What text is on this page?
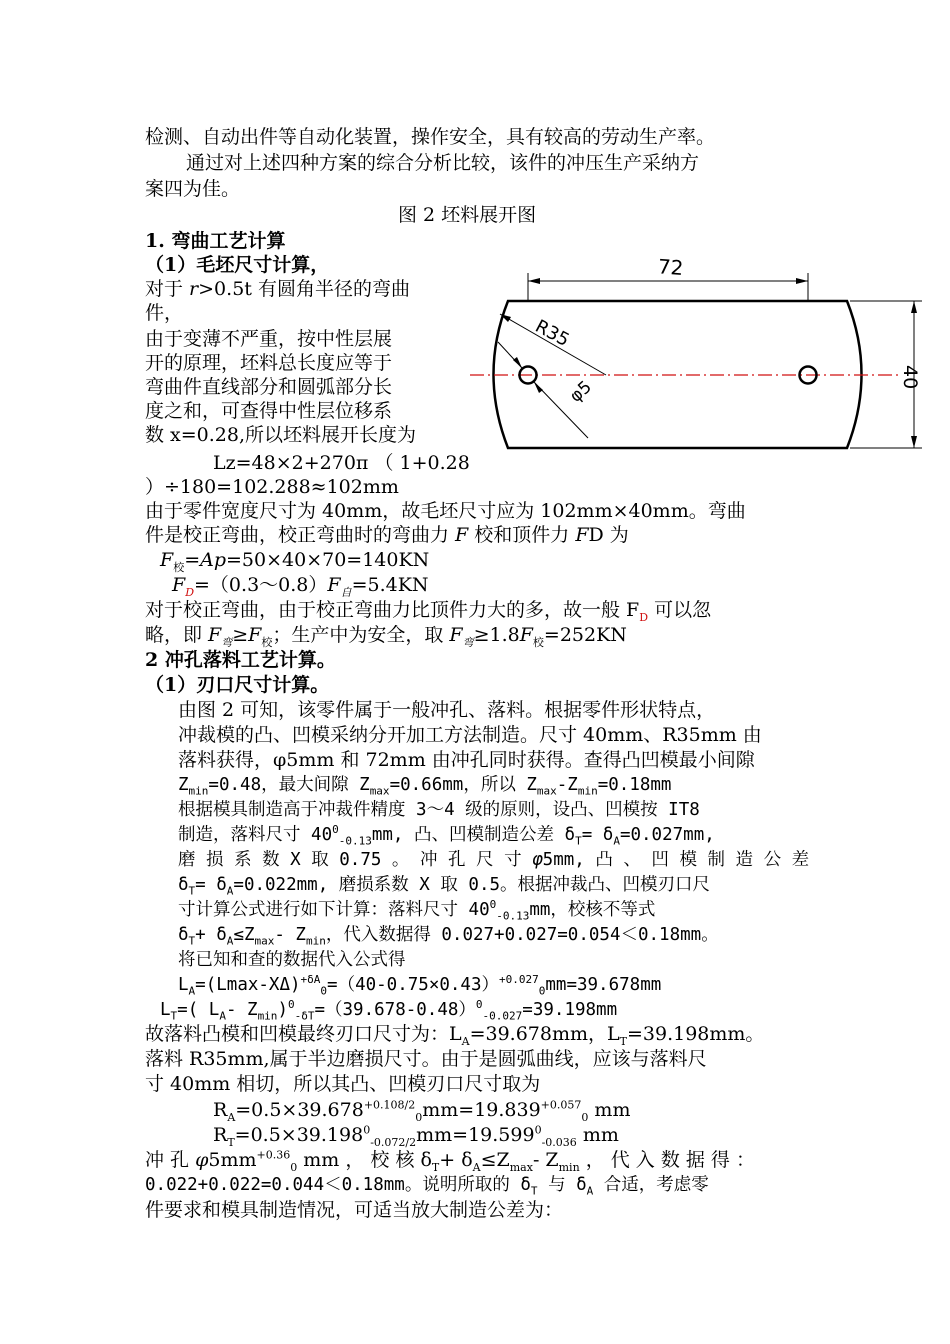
检测、自动出件等自动化装置，操作安全，具有较高的劳动生产率。
通过对上述四种方案的综合分析比较，该件的冲压生产采纳方
案四为佳。
图 2 坯料展开图
1. 弯曲工艺计算
（1）毛坯尺寸计算，
对于 r>0.5t 有圆角半径的弯曲
件，
由于变薄不严重，按中性层展
开的原理，坯料总长度应等于
弯曲件直线部分和圆弧部分长
度之和，可查得中性层位移系
数 x=0.28,所以坯料展开长度为
Lz=48×2+270π （ 1+0.28
）÷180=102.288≈102mm
由于零件宽度尺寸为 40mm，故毛坯尺寸应为 102mm×40mm。弯曲
件是校正弯曲，校正弯曲时的弯曲力 F 校和顶件力 FD 为
$F_校=Ap=50\times 40\times 70=140KN$
$F_D=(0.3\sim 0.8)F_自=5.4KN$
对于校正弯曲，由于校正弯曲力比顶件力大的多，故一般 $F_D$ 可以忽
略，即 $F_弯\ge F_校$；生产中为安全，取 $F_弯\ge 1.8F_校=252KN$
2 冲孔落料工艺计算。
（1）刃口尺寸计算。
由图 2 可知，该零件属于一般冲孔、落料。根据零件形状特点，
冲裁模的凸、凹模采纳分开加工方法制造。尺寸 40mm、R35mm 由
落料获得，φ5mm 和 72mm 由冲孔同时获得。查得凸凹模最小间隙
$Z_{min}=0.48$，最大间隙 $Z_{max}=0.66mm$，所以 $Z_{max}-Z_{min}=0.18mm$
根据模具制造高于冲裁件精度 3～4 级的原则，设凸、凹模按 IT8
制造，落料尺寸 $40^0_{-0.13}mm$, 凸、凹模制造公差 $\delta_T= \delta_A=0.027mm$,
磨 损 系 数 X 取 0.75 。 冲 孔 尺 寸 φ5mm, 凸 、 凹 模 制 造 公 差
$\delta_T= \delta_A=0.022mm$, 磨损系数 X 取 0.5。根据冲裁凸、凹模刃口尺
寸计算公式进行如下计算：落料尺寸 $40^0_{-0.13}mm$，校核不等式
$\delta_T+ \delta_A\le Z_{max}-$ $Z_{min}$，代入数据得 0.027+0.027=0.054＜0.18mm。
将已知和查的数据代入公式得
$L_A=(Lmax-X\Delta)^{+\delta A}_0=(40-0.75\times 0.43)^{+0.027}_0mm=39.678mm$
$L_T=$( $L_A-$ $Z_{min})^0_{-\delta T}=(39.678-0.48)^0_{-0.027}=39.198mm$
故落料凸模和凹模最终刃口尺寸为：$L_A=39.678mm$，$L_T=39.198mm$。
落料 R35mm,属于半边磨损尺寸。由于是圆弧曲线，应该与落料尺
寸 40mm 相切，所以其凸、凹模刃口尺寸取为
$R_A=0.5\times 39.678^{+0.108/2}_0mm=19.839^{+0.057}_0$ mm
$R_T=0.5\times 39.198^0_{-0.072/2}mm=19.599^0_{-0.036}$ mm
冲 孔 $\varphi 5mm^{+0.36}_0$ mm ， 校 核 $\delta_T+ \delta_A\le Z_{max}-$ $Z_{min}$ ， 代 入 数 据 得 ：
0.022+0.022=0.044＜0.18mm。说明所取的 $\delta_T$ 与 $\delta_A$ 合适，考虑零
件要求和模具制造情况，可适当放大制造公差为：
72
40
R35
φ5
